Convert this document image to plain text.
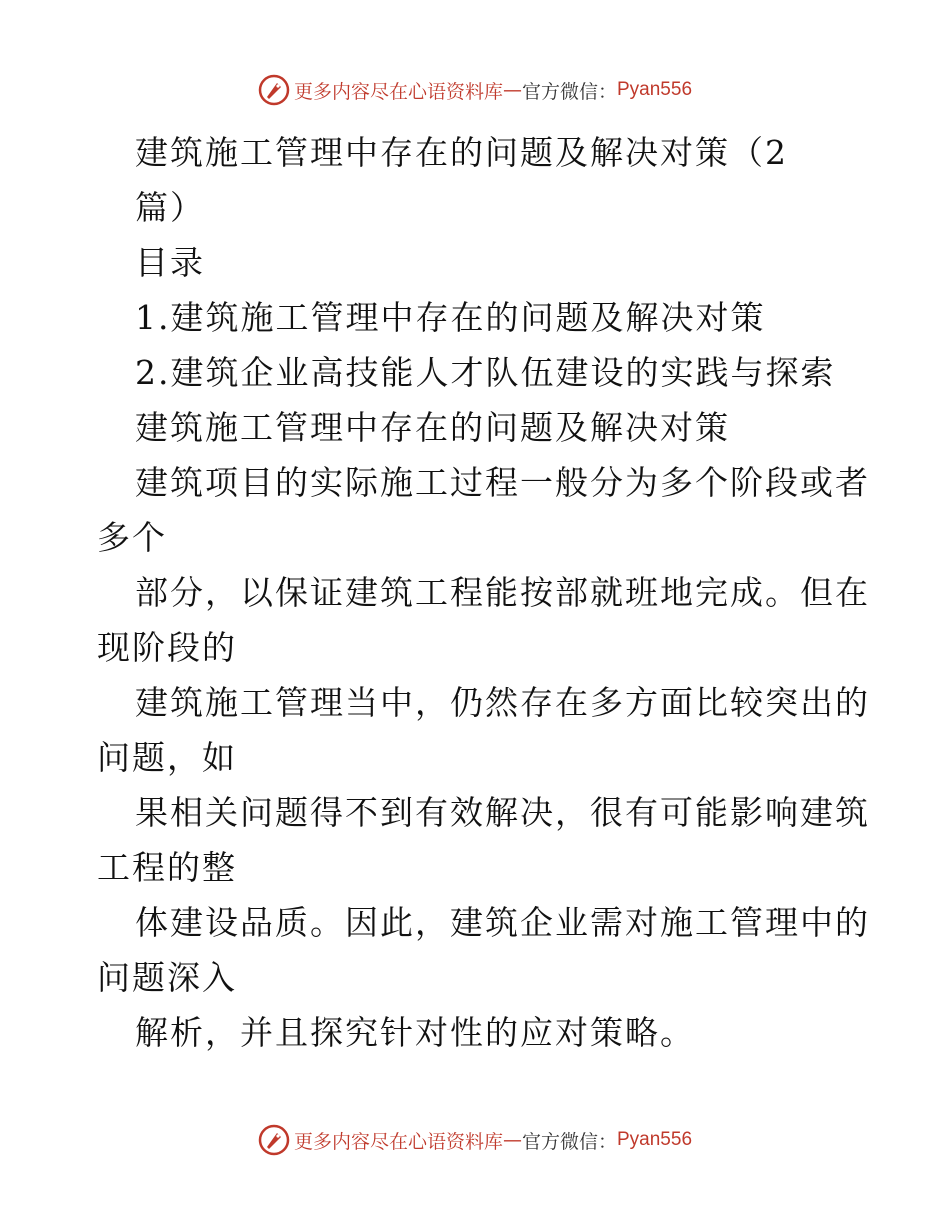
更多内容尽在心语资料库 — 官方微信： Pyan556
建筑施工管理中存在的问题及解决对策（2
篇）
目录
1.建筑施工管理中存在的问题及解决对策
2.建筑企业高技能人才队伍建设的实践与探索
建筑施工管理中存在的问题及解决对策
建筑项目的实际施工过程一般分为多个阶段或者
多个
部分，以保证建筑工程能按部就班地完成。但在
现阶段的
建筑施工管理当中，仍然存在多方面比较突出的
问题，如
果相关问题得不到有效解决，很有可能影响建筑
工程的整
体建设品质。因此，建筑企业需对施工管理中的
问题深入
解析，并且探究针对性的应对策略。
更多内容尽在心语资料库 — 官方微信： Pyan556
